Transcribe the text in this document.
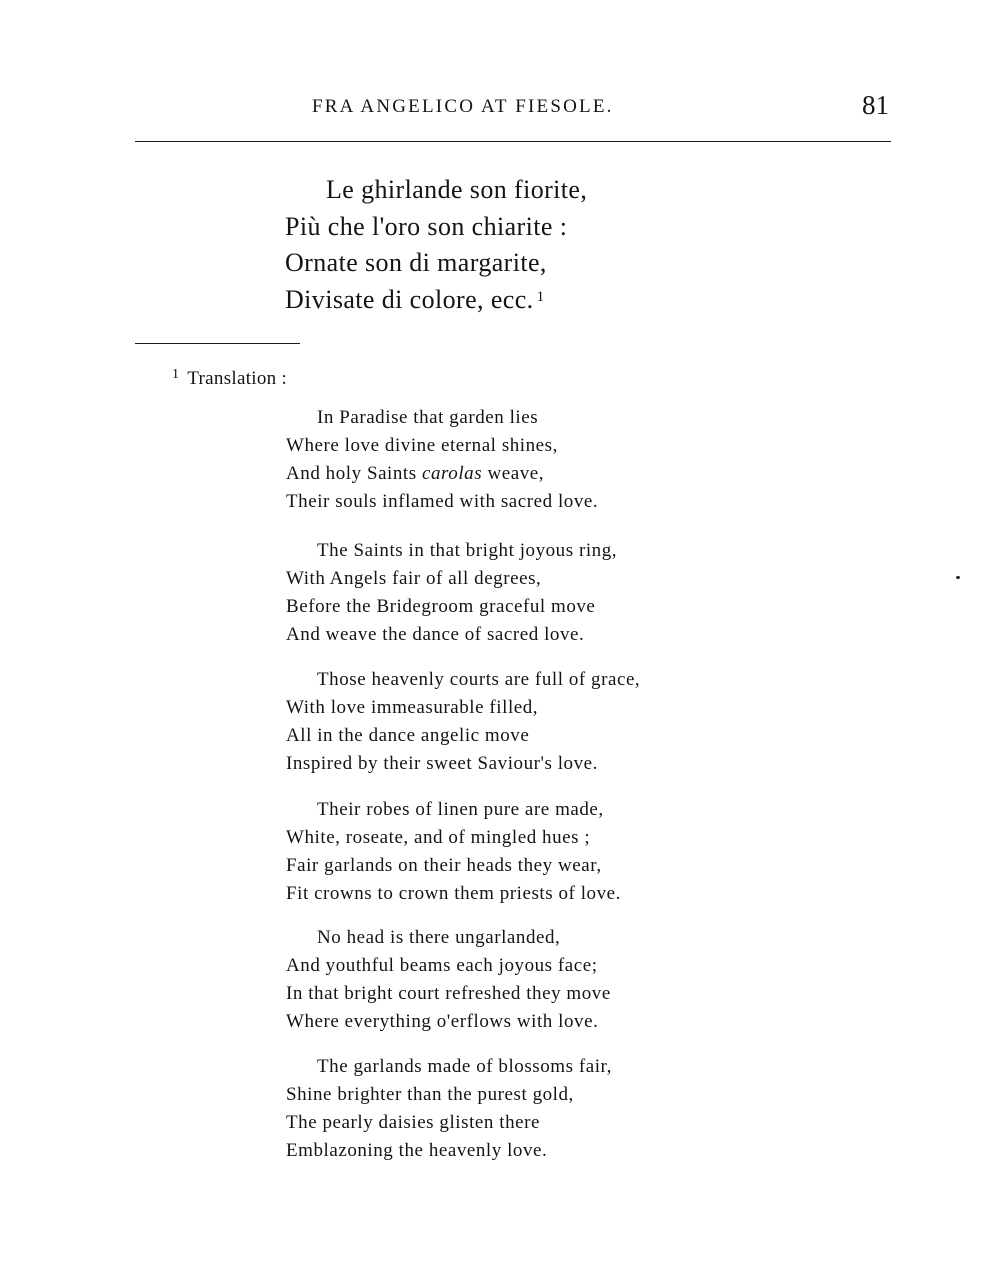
FRA ANGELICO AT FIESOLE.	81
Le ghirlande son fiorite,
Più che l'oro son chiarite :
Ornate son di margarite,
Divisate di colore, ecc. $^1$
$^1$ Translation :
In Paradise that garden lies
Where love divine eternal shines,
And holy Saints carolas weave,
Their souls inflamed with sacred love.
The Saints in that bright joyous ring,
With Angels fair of all degrees,
Before the Bridegroom graceful move
And weave the dance of sacred love.
Those heavenly courts are full of grace,
With love immeasurable filled,
All in the dance angelic move
Inspired by their sweet Saviour's love.
Their robes of linen pure are made,
White, roseate, and of mingled hues ;
Fair garlands on their heads they wear,
Fit crowns to crown them priests of love.
No head is there ungarlanded,
And youthful beams each joyous face;
In that bright court refreshed they move
Where everything o'erflows with love.
The garlands made of blossoms fair,
Shine brighter than the purest gold,
The pearly daisies glisten there
Emblazoning the heavenly love.
